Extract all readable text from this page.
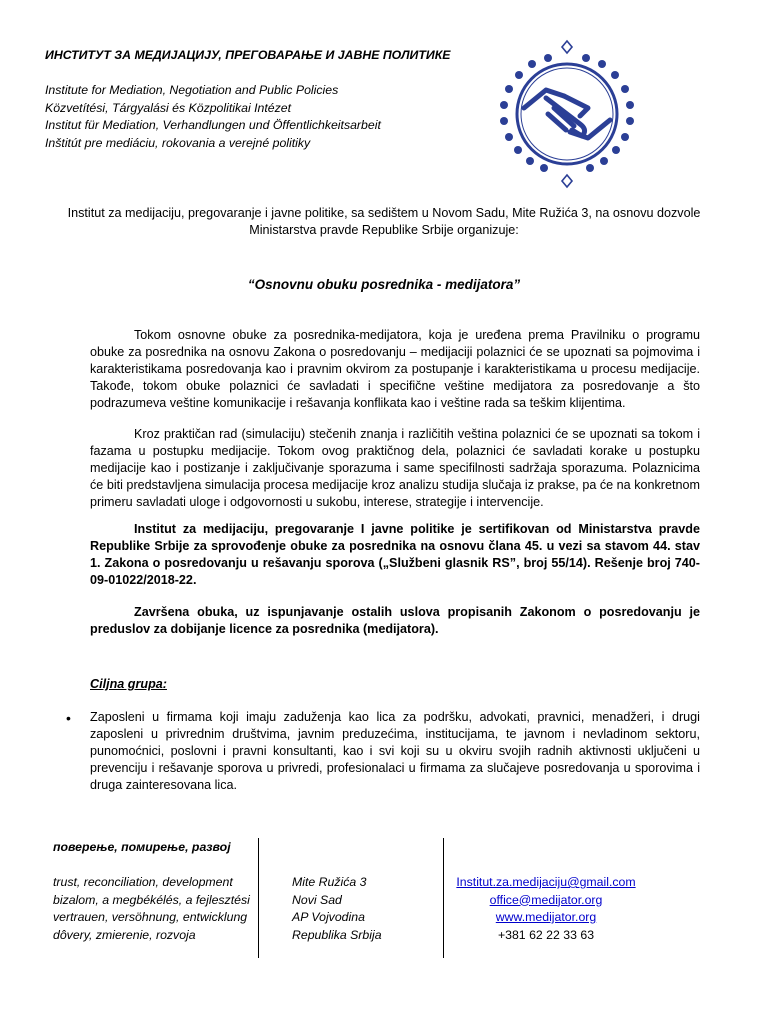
ИНСТИТУТ ЗА МЕДИЈАЦИЈУ, ПРЕГОВАРАЊЕ И ЈАВНЕ ПОЛИТИКЕ
Institute for Mediation, Negotiation and Public Policies
Közvetítési, Tárgyalási és Közpolitikai Intézet
Institut für Mediation, Verhandlungen und Öffentlichkeitsarbeit
Inštitút pre mediáciu, rokovania a verejné politiky
Institut za medijaciju, pregovaranje i javne politike, sa sedištem u Novom Sadu, Mite Ružića 3, na osnovu dozvole Ministarstva pravde Republike Srbije organizuje:
“Osnovnu obuku posrednika - medijatora”

Tokom osnovne obuke za posrednika-medijatora, koja je uređena prema Pravilniku o programu obuke za posrednika na osnovu Zakona o posredovanju – medijaciji polaznici će se upoznati sa pojmovima i karakteristikama posredovanja kao i pravnim okvirom za postupanje i karakteristikama u procesu medijacije. Takođe, tokom obuke polaznici će savladati i specifične veštine medijatora za posredovanje a što podrazumeva veštine komunikacije i rešavanja konflikata kao i veštine rada sa teškim klijentima.

Kroz praktičan rad (simulaciju) stečenih znanja i različitih veština polaznici će se upoznati sa tokom i fazama u postupku medijacije. Tokom ovog praktičnog dela, polaznici će savladati korake u postupku medijacije kao i postizanje i zaključivanje sporazuma i same specifilnosti sadržaja sporazuma. Polaznicima će biti predstavljena simulacija procesa medijacije kroz analizu studija slučaja iz prakse, pa će na konkretnom primeru savladati uloge i odgovornosti u sukobu, interese, strategije i intervencije.

Institut za medijaciju, pregovaranje I javne politike je sertifikovan od Ministarstva pravde Republike Srbije za sprovođenje obuke za posrednika na osnovu člana 45. u vezi sa stavom 44. stav 1. Zakona o posredovanju u rešavanju sporova („Službeni glasnik RS”, broj 55/14). Rešenje broj 740-09-01022/2018-22.

Završena obuka, uz ispunjavanje ostalih uslova propisanih Zakonom o posredovanju je preduslov za dobijanje licence za posrednika (medijatora).

Ciljna grupa:
• Zaposleni u firmama koji imaju zaduženja kao lica za podršku, advokati, pravnici, menadžeri, i drugi zaposleni u privrednim društvima, javnim preduzećima, institucijama, te javnom i nevladinom sektoru, punomoćnici, poslovni i pravni konsultanti, kao i svi koji su u okviru svojih radnih aktivnosti uključeni u prevenciju i rešavanje sporova u privredi, profesionalaci u firmama za slučajeve posredovanja u sporovima i druga zainteresovana lica.

поверење, помирење, развој
trust, reconciliation, development
bizalom, a megbékélés, a fejlesztési
vertrauen, versöhnung, entwicklung
dôvery, zmierenie, rozvoja
Mite Ružića 3
Novi Sad
AP Vojvodina
Republika Srbija
Institut.za.medijaciju@gmail.com
office@medijator.org
www.medijator.org
+381 62 22 33 63
